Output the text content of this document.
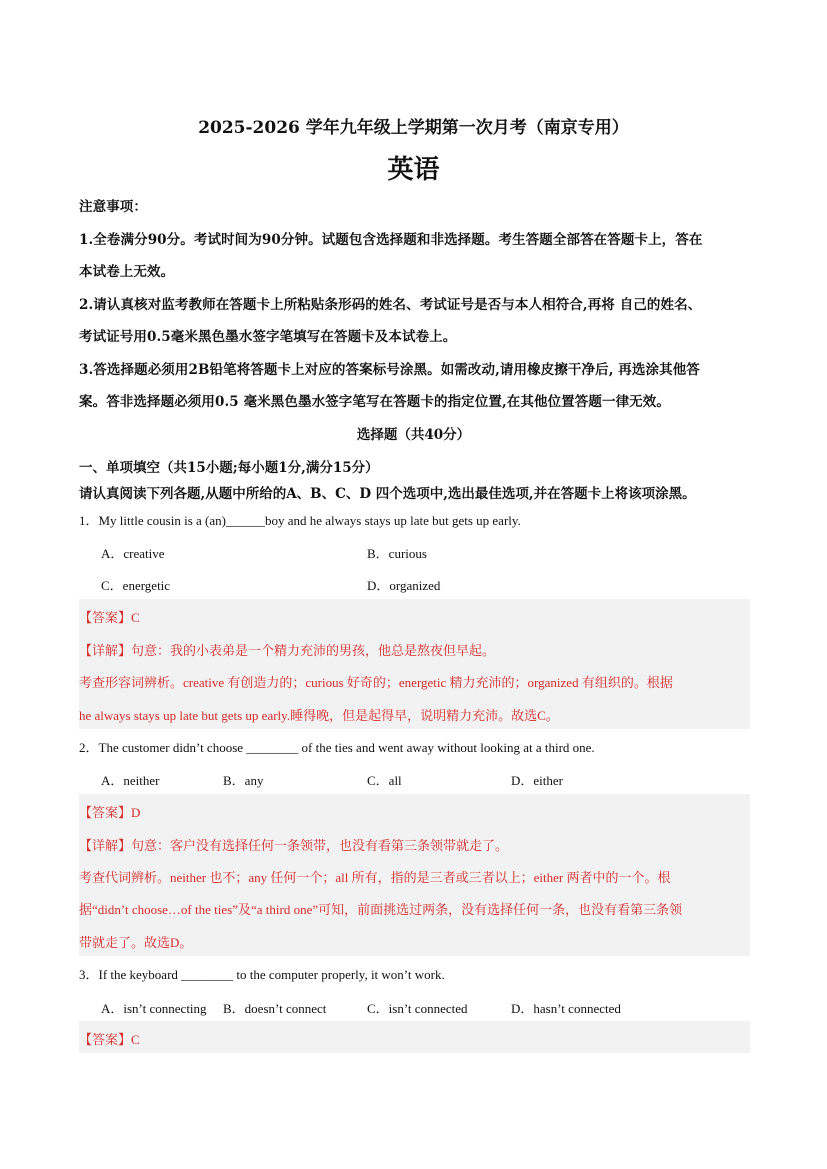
2025-2026 学年九年级上学期第一次月考（南京专用）
英语
注意事项：
1.全卷满分90分。考试时间为90分钟。试题包含选择题和非选择题。考生答题全部答在答题卡上，答在
本试卷上无效。
2.请认真核对监考教师在答题卡上所粘贴条形码的姓名、考试证号是否与本人相符合,再将 自己的姓名、
考试证号用0.5毫米黑色墨水签字笔填写在答题卡及本试卷上。
3.答选择题必须用2B铅笔将答题卡上对应的答案标号涂黑。如需改动,请用橡皮擦干净后, 再选涂其他答
案。答非选择题必须用0.5 毫米黑色墨水签字笔写在答题卡的指定位置,在其他位置答题一律无效。
选择题（共40分）
一、单项填空（共15小题;每小题1分,满分15分）
请认真阅读下列各题,从题中所给的A、B、C、D 四个选项中,选出最佳选项,并在答题卡上将该项涂黑。
1．My little cousin is a (an)______boy and he always stays up late but gets up early.
A．creative	B．curious
C．energetic	D．organized
【答案】C
【详解】句意：我的小表弟是一个精力充沛的男孩，他总是熬夜但早起。
考查形容词辨析。creative 有创造力的；curious 好奇的；energetic 精力充沛的；organized 有组织的。根据
he always stays up late but gets up early.睡得晚，但是起得早，说明精力充沛。故选C。
2．The customer didn’t choose ________ of the ties and went away without looking at a third one.
A．neither	B．any	C．all	D．either
【答案】D
【详解】句意：客户没有选择任何一条领带，也没有看第三条领带就走了。
考查代词辨析。neither 也不；any 任何一个；all 所有，指的是三者或三者以上；either 两者中的一个。根
据“didn’t choose…of the ties”及“a third one”可知，前面挑选过两条，没有选择任何一条，也没有看第三条领
带就走了。故选D。
3．If the keyboard ________ to the computer properly, it won’t work.
A．isn’t connecting B．doesn’t connect	C．isn’t connected	D．hasn’t connected
【答案】C
